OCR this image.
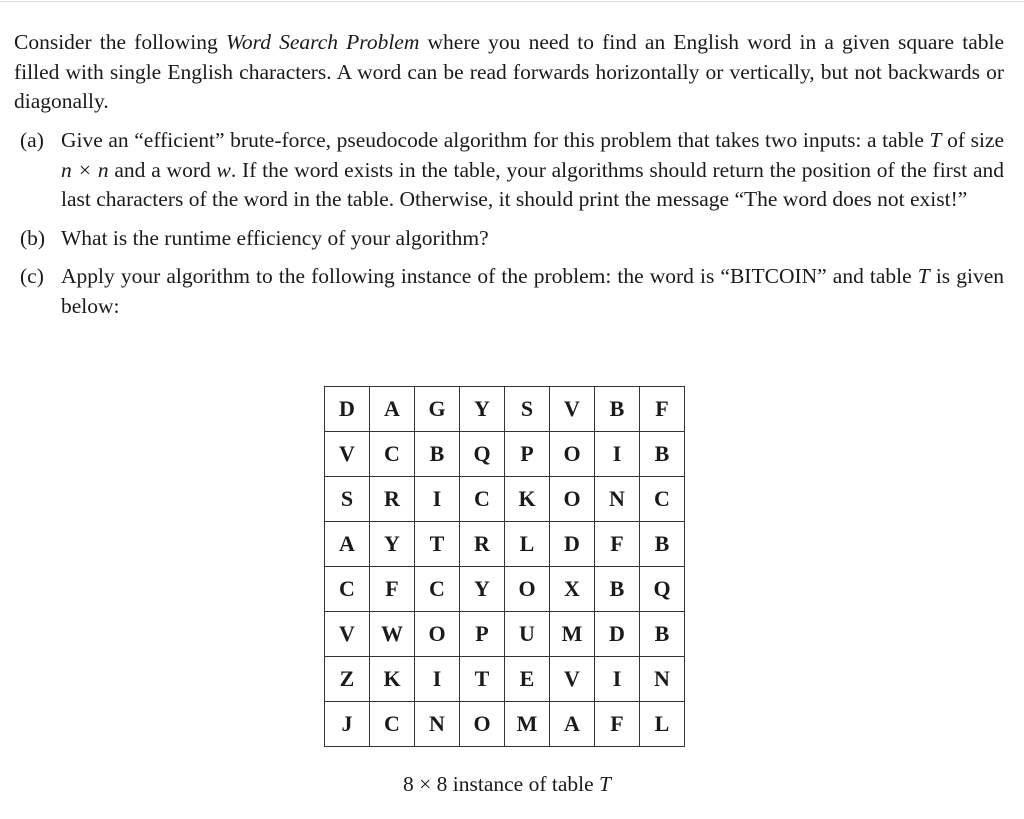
Consider the following Word Search Problem where you need to find an English word in a given square table filled with single English characters. A word can be read forwards horizontally or vertically, but not backwards or diagonally.

(a) Give an “efficient” brute-force, pseudocode algorithm for this problem that takes two inputs: a table T of size n × n and a word w. If the word exists in the table, your algorithms should return the position of the first and last characters of the word in the table. Otherwise, it should print the message “The word does not exist!”
(b) What is the runtime efficiency of your algorithm?
(c) Apply your algorithm to the following instance of the problem: the word is “BITCOIN” and table T is given below:
D	A	G	Y	S	V	B	F
V	C	B	Q	P	O	I	B
S	R	I	C	K	O	N	C
A	Y	T	R	L	D	F	B
C	F	C	Y	O	X	B	Q
V	W	O	P	U	M	D	B
Z	K	I	T	E	V	I	N
J	C	N	O	M	A	F	L
8 × 8 instance of table T
